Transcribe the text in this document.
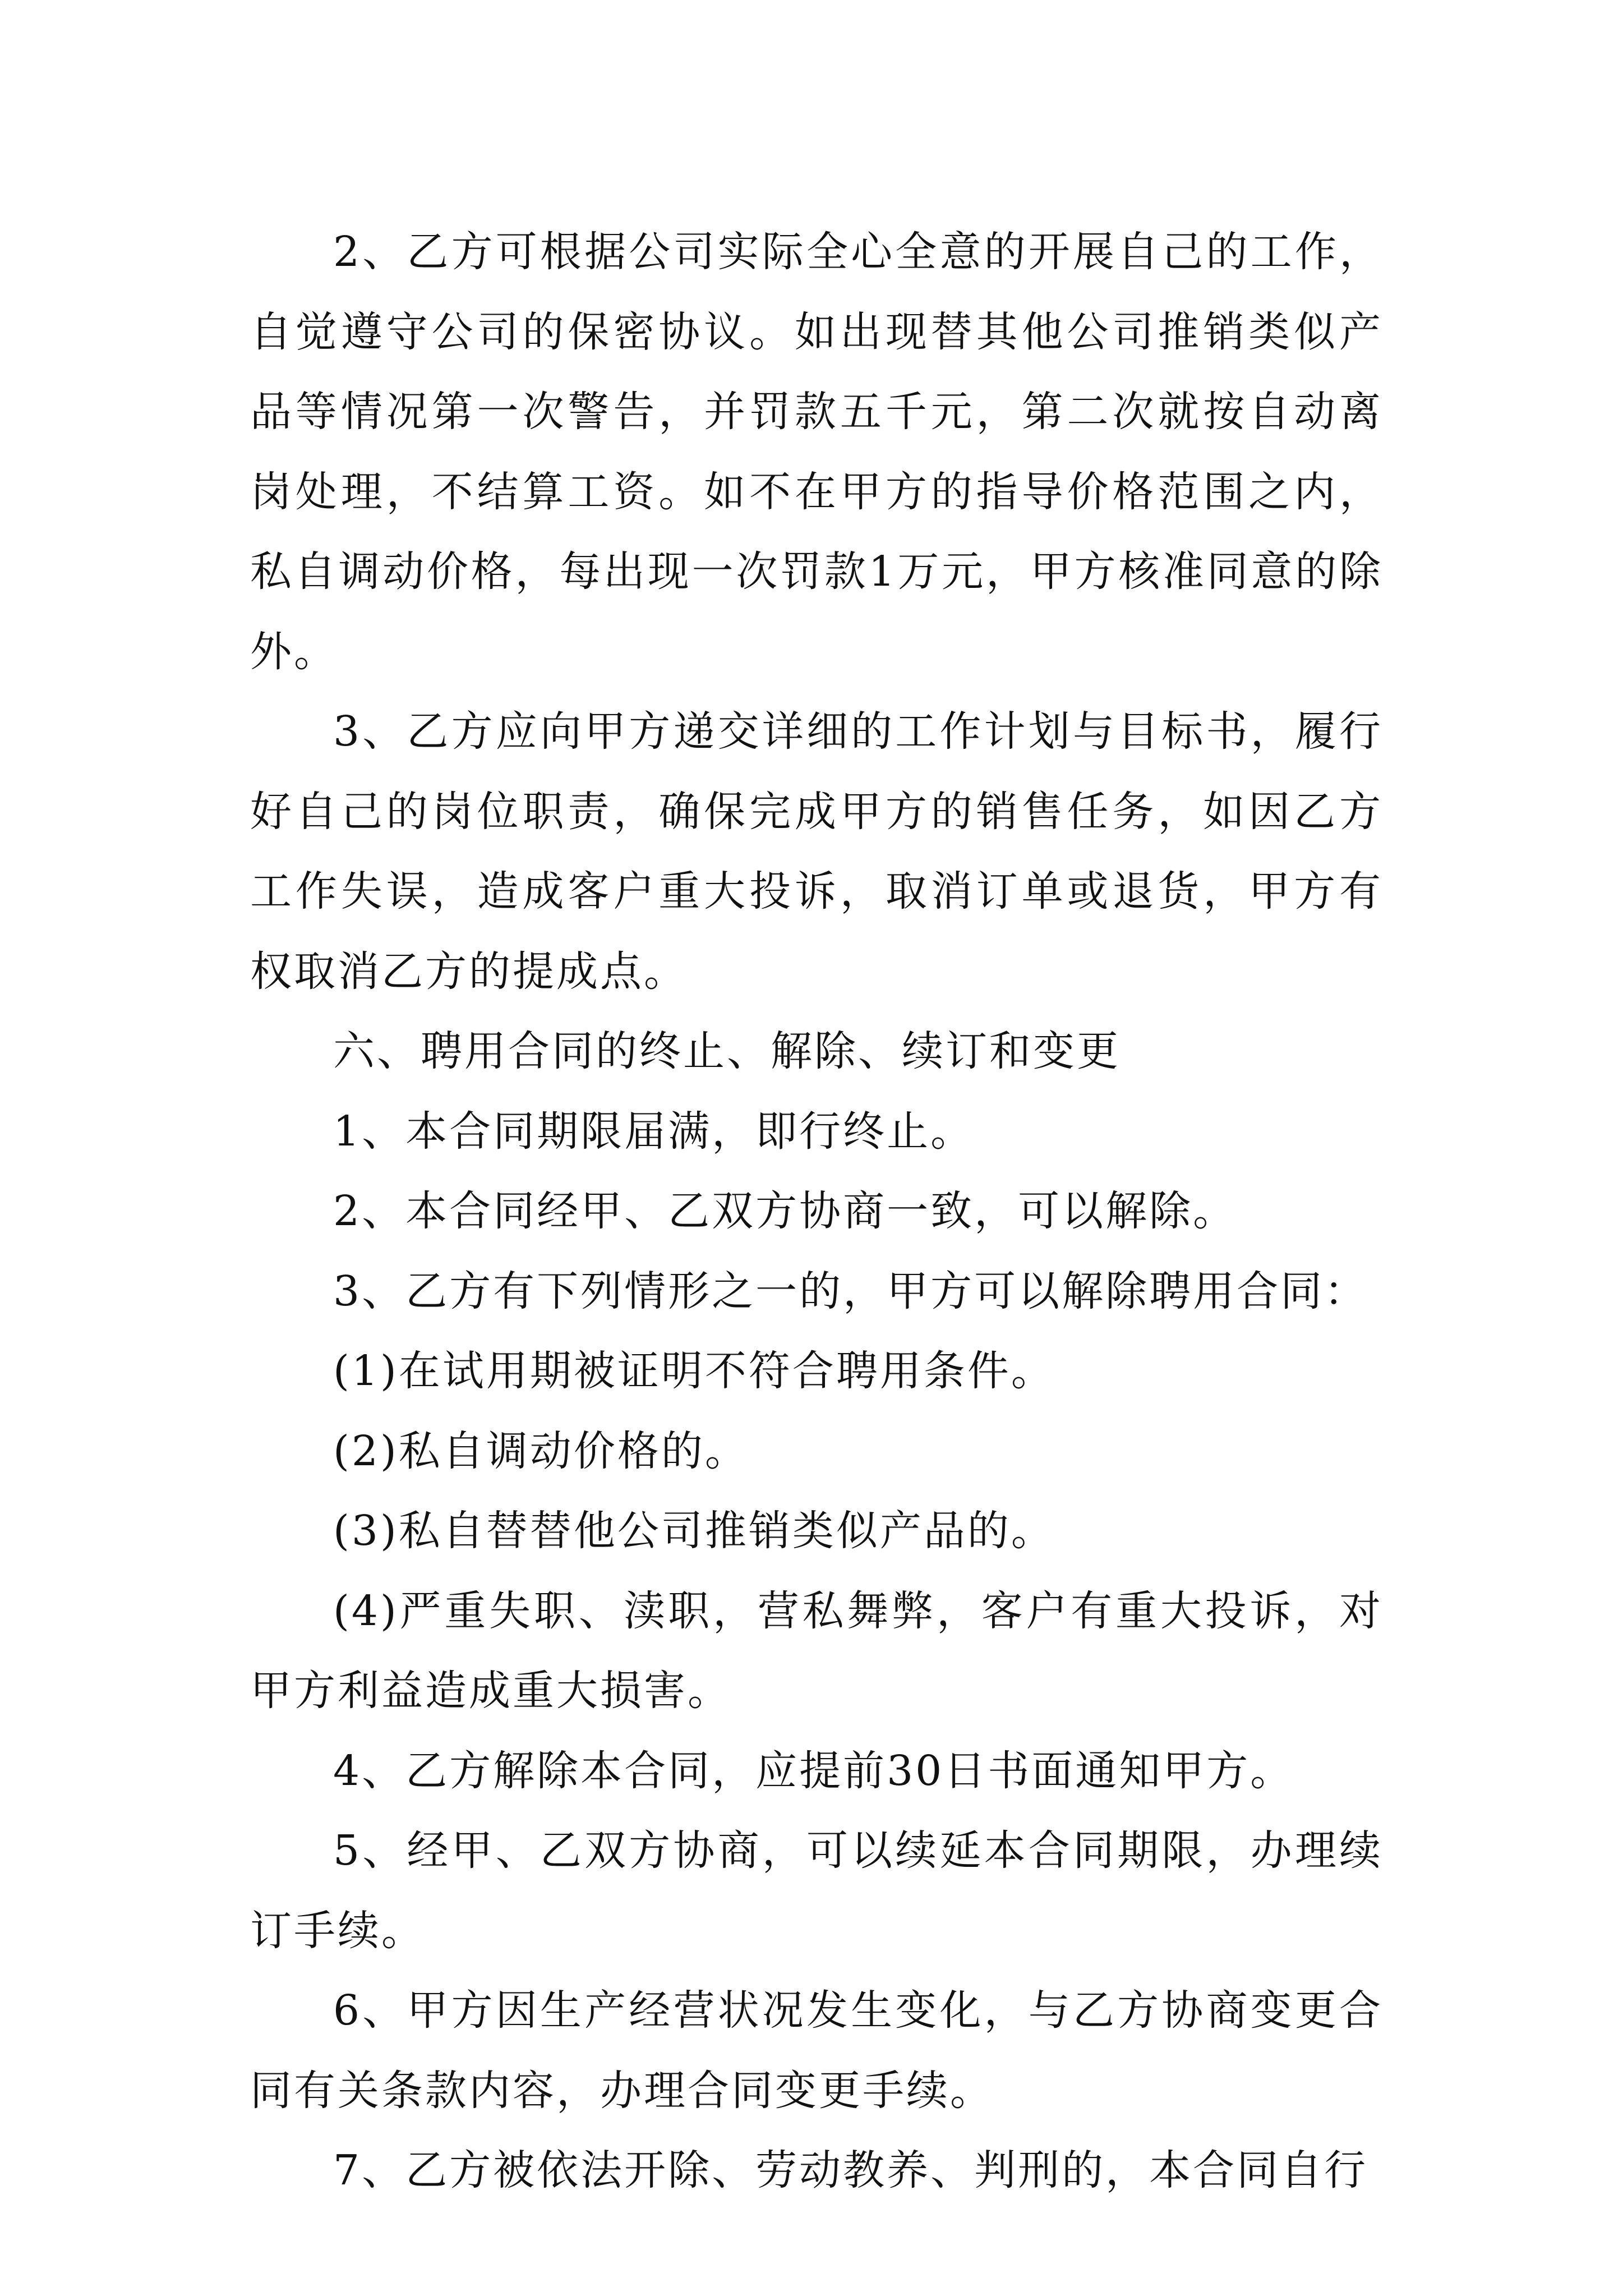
2、乙方可根据公司实际全心全意的开展自己的工作，自觉遵守公司的保密协议。如出现替其他公司推销类似产品等情况第一次警告，并罚款五千元，第二次就按自动离岗处理，不结算工资。如不在甲方的指导价格范围之内，私自调动价格，每出现一次罚款1万元，甲方核准同意的除外。

3、乙方应向甲方递交详细的工作计划与目标书，履行好自己的岗位职责，确保完成甲方的销售任务，如因乙方工作失误，造成客户重大投诉，取消订单或退货，甲方有权取消乙方的提成点。

六、聘用合同的终止、解除、续订和变更

1、本合同期限届满，即行终止。

2、本合同经甲、乙双方协商一致，可以解除。

3、乙方有下列情形之一的，甲方可以解除聘用合同：

(1)在试用期被证明不符合聘用条件。

(2)私自调动价格的。

(3)私自替替他公司推销类似产品的。

(4)严重失职、渎职，营私舞弊，客户有重大投诉，对甲方利益造成重大损害。

4、乙方解除本合同，应提前30日书面通知甲方。

5、经甲、乙双方协商，可以续延本合同期限，办理续订手续。

6、甲方因生产经营状况发生变化，与乙方协商变更合同有关条款内容，办理合同变更手续。

7、乙方被依法开除、劳动教养、判刑的，本合同自行
